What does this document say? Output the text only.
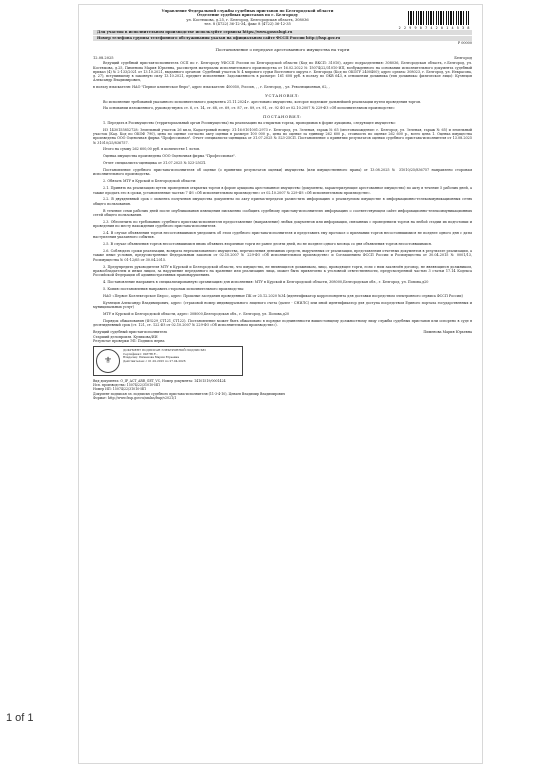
Управление Федеральной службы судебных приставов по Белгородской области
Отделение судебных приставов по г. Белгороду
ул. Костюкова, д.25, г. Белгород, Белгородская область, 308036
тел. 8 (4722) 36-12-34, факс 8 (4722) 36-12-35
2 2 9 9 0 7 4 2 0 1 4 5 3 8
Для участия в исполнительном производстве используйте сервисы https://www.gosuslugi.ru
Номер телефона группы телефонного обслуживания указан на официальном сайте ФССП России http://fssp.gov.ru
Р 00000
Постановление о передаче арестованного имущества на торги
12.08.2025	Белгород

Ведущий судебный пристав-исполнитель ОСП по г. Белгороду УФССП России по Белгородской области (Код по ВКСП: 31010), адрес подразделения: 308036, Белгородская область, г.Белгород, ул. Костюкова, д.25, Пименова Мария Юрьевна, рассмотрев материалы исполнительного производства от 16.02.2022 № 15074/22/31010-ИП, возбужденного на основании исполнительного документа судебный приказ (4) № 2-133/2021 от 13.10.2021, выданного органом: Судебный участок № 4 мирового судьи Восточного округа г. Белгорода (Код по ОКОГУ 2400400); адрес органа: 308023, г. Белгород, ул. Некрасова, д. 27), вступившему в законную силу 13.10.2021, предмет исполнения: Задолженность в размере: 161 608 руб. в пользу по ОКВ 643, в отношении должника (тип должника: физическое лицо): Кузнецов Александр Владимирович,

в пользу взыскателя: НАО "Первое клиентское бюро", адрес взыскателя: 400050, Россия, , , г. Белгород, , ул. Революционная, 62, ,

УСТАНОВИЛ:

Во исполнение требований указанного исполнительного документа 21.11.2024 г. арестовано имущество, которое подлежит дальнейшей реализации путем проведения торгов.

На основании изложенного, руководствуясь ст. 6, ст. 14, ст. 68, ст. 69, ст. 87, ст. 89, ст. 91, ст. 92 ФЗ от 02.10.2007 № 229-ФЗ «Об исполнительном производстве»

ПОСТАНОВИЛ:

1. Передать в Росимущество (территориальный орган Росимущества) на реализацию на открытых торгах, проводимых в форме аукциона, следующее имущество:

ИЗ 1430155852728: Земельный участок 26 кв.м, Кадастровый номер: 31:16:0101001:2973 г. Белгород, ул. Зеленая, гараж № 65 (местонахождение: г. Белгород, ул. Зеленая, гараж № 65) и земельный участок (Кад. Код по ОКОФ 790), цена по оценке согласно акту оценки в размере 100 000 р., цена по оценке за единицу 262 600 р., стоимость по оценке 262 600 р., всего цена 1. Оценка имущества произведена ООО Оценочная фирма "Профессионал". Отчет специалиста-оценщика от 31.07.2025 № 523-25СП. Постановление о принятии результатов оценки судебного пристава-исполнителя от 13.08.2025 № 31010/25/836757.

Итого на сумму 262 600,00 руб. в количестве 1 лотов.

Оценка имущества произведена ООО Оценочная фирма "Профессионал".

Отчет специалиста-оценщика от 31.07.2025 № 523-25СП.

Постановление судебного пристава-исполнителя об оценке (о принятии результатов оценки) имущества (или имущественного права) от 13.08.2025 № 31010/25/836757 направлено сторонам исполнительного производства.

2. Обязать МТУ в Курской и Белгородской области:

2.1. Принять на реализацию путем проведения открытых торгов в форме аукциона арестованное имущество (документы, характеризующие арестованное имущество) по акту в течение 5 рабочих дней, а также продать его в сроки, установленные частью 7 ФЗ «Об исполнительном производстве» от 02.10.2007 № 229-ФЗ «Об исполнительном производстве».

2.2. В двухдневный срок с момента получения имущества документы по акту приема-передачи разместить информацию о реализуемом имуществе в информационно-телекоммуникационных сетях общего пользования.

В течение семи рабочих дней после опубликования извещения письменно сообщить судебному приставу-исполнителю информацию о соответствующем сайте информационно-телекоммуникационных сетей общего пользования.

2.3. Обеспечить по требованию судебного пристава-исполнителя предоставление (направление) любых документов или информации, связанных с проведением торгов на любой стадии их подготовки и проведения по месту нахождения судебного пристава-исполнителя.

2.4. В случае объявления торгов несостоявшимися уведомить об этом судебного пристава-исполнителя и представить ему протокол о признании торгов несостоявшимися не позднее одного дня с даты наступления указанного события.

2.5. В случае объявления торгов несостоявшимися вновь объявить вторичные торги не ранее десяти дней, но не позднее одного месяца со дня объявления торгов несостоявшимися.

2.6. Соблюдать сроки реализации, возврата нереализованного имущества, перечисления денежных средств, вырученных от реализации, представления отчетных документов в результате реализации, а также иные условия, предусмотренные Федеральным законом от 02.10.2007 № 229-ФЗ «Об исполнительном производстве» и Соглашением ФССП России и Росимущества от 30.04.2015 № 0001/13, Росимущества № 01-12/65 от 30.04.2015.

3. Предупредить руководителя МТУ в Курской и Белгородской области, что имущество, не являющиеся должником, лицо, проводящее торги, если с ним заключён договор, не являющиеся должником, правообладателем и иным лицом, за нарушение переданного на хранение или реализацию лица, может быть привлечено к уголовной ответственности, предусмотренной частью 3 статьи 17.14 Кодекса Российской Федерации об административных правонарушениях.

4. Постановление направить в специализированную организацию для исполнения: МТУ в Курской и Белгородской области, 308000,Белгородская обл., г. Белгород, ул. Попова,д20

5. Копию постановления направить сторонам исполнительного производства:

НАО «Первое Коллекторское Бюро», адрес: Прошлые заседания проведенные ПК от 25.12.2020 №34 (идентификатор корреспондента для доставки посредством электронного сервиса ФССП России)

Кузнецов Александр Владимирович, адрес: (страховой номер индивидуального лицевого счета (далее - СНИЛС) или иной идентификатор для доступа посредством Единого портала государственных и муниципальных услуг)

МТУ в Курской и Белгородской области, адрес: 308000,Белгородская обл., г. Белгород, ул. Попова,д20

Порядок обжалования (ФЗ229_СТ121_СТ122). Постановление может быть обжаловано в порядке подчиненности вышестоящему должностному лицу службы судебных приставов или оспорено в суде в десятидневный срок (ст. 121, ст. 122 ФЗ от 02.10.2007 № 229-ФЗ «Об исполнительном производстве»).

Ведущий судебный пристав-исполнитель	Пименова Мария Юрьевна
Старший делопроизв. Куликова/ИИ
Результат проверки ЭП: Подпись верна
⚜
ДОКУМЕНТ ПОДПИСАН ЭЛЕКТРОННОЙ ПОДПИСЬЮ
Сертификат: 0287B1F...
Владелец: Пименова Мария Юрьевна
Действителен: с 01.02.2025 по 27.04.2026
Вид документа: О_IP_ACT_ARR_GET_VC, Номер документа: 14101519/0001424
Исп. производства: 15074/22/31010-ИП
Номер ИП: 15074/22/31010-ИП
Документ подписан эл. подписью судебного пристава-исполнителя (11-3-4-10), Ценаев Владимир Владимирович
Формат: http://www.fssp.gov.ru/xmlns/fssp/v2021/1
1 of 1
